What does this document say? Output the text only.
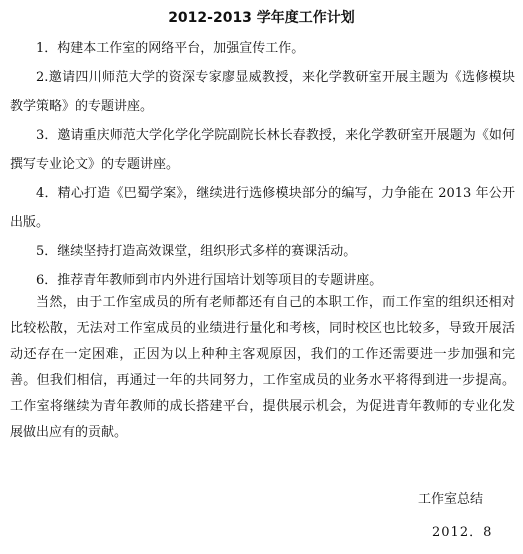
2012-2013 学年度工作计划

1．构建本工作室的网络平台，加强宣传工作。

2.邀请四川师范大学的资深专家廖显威教授，来化学教研室开展主题为《选修模块教学策略》的专题讲座。

3．邀请重庆师范大学化学化学院副院长林长春教授，来化学教研室开展题为《如何撰写专业论文》的专题讲座。

4．精心打造《巴蜀学案》，继续进行选修模块部分的编写，力争能在 2013 年公开出版。

5．继续坚持打造高效课堂，组织形式多样的赛课活动。

6．推荐青年教师到市内外进行国培计划等项目的专题讲座。

当然，由于工作室成员的所有老师都还有自己的本职工作，而工作室的组织还相对比较松散，无法对工作室成员的业绩进行量化和考核，同时校区也比较多，导致开展活动还存在一定困难，正因为以上种种主客观原因，我们的工作还需要进一步加强和完善。但我们相信，再通过一年的共同努力，工作室成员的业务水平将得到进一步提高。工作室将继续为青年教师的成长搭建平台，提供展示机会，为促进青年教师的专业化发展做出应有的贡献。

工作室总结
2012．8
